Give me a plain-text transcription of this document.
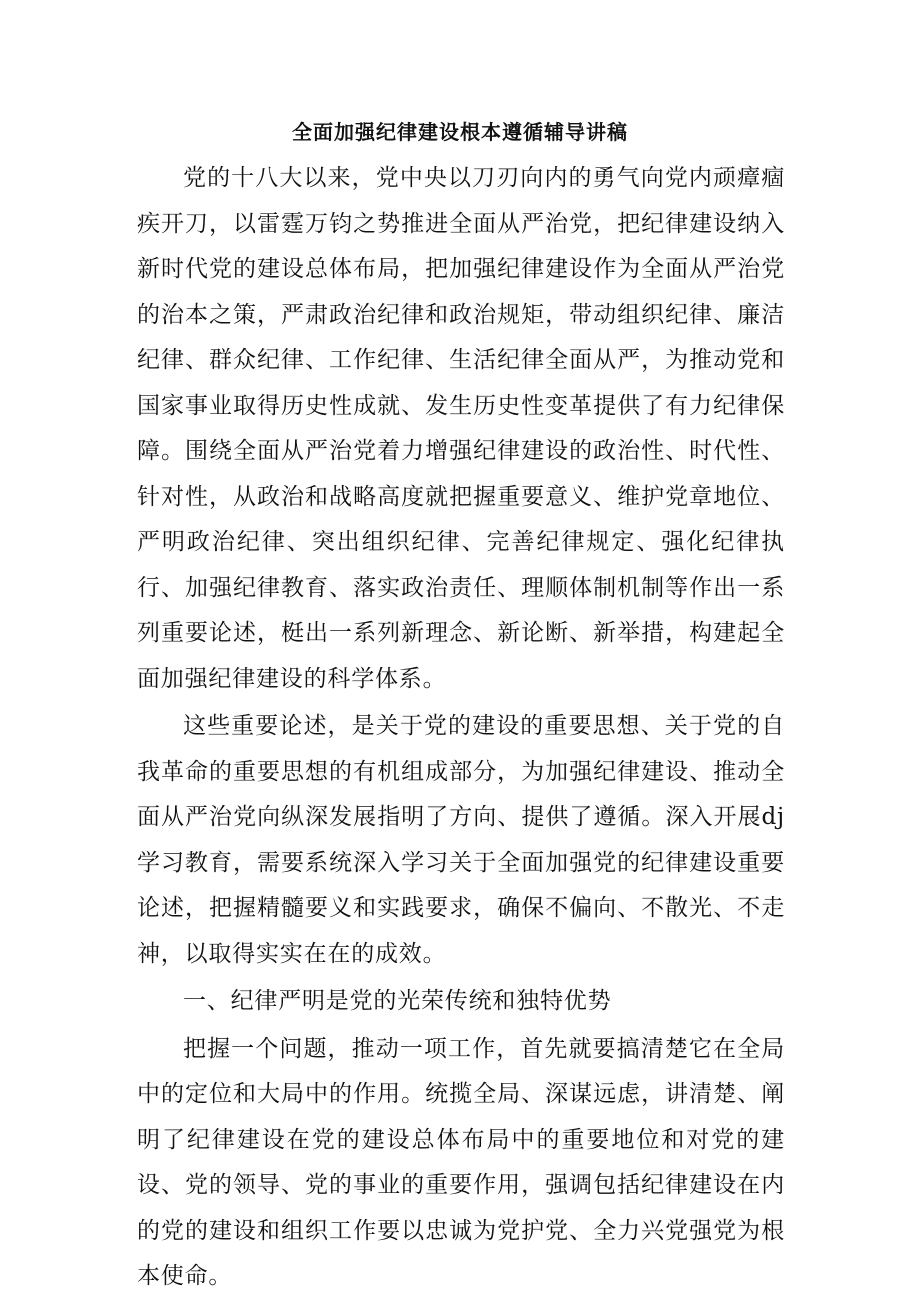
全面加强纪律建设根本遵循辅导讲稿

党的十八大以来，党中央以刀刃向内的勇气向党内顽瘴痼疾开刀，以雷霆万钧之势推进全面从严治党，把纪律建设纳入新时代党的建设总体布局，把加强纪律建设作为全面从严治党的治本之策，严肃政治纪律和政治规矩，带动组织纪律、廉洁纪律、群众纪律、工作纪律、生活纪律全面从严，为推动党和国家事业取得历史性成就、发生历史性变革提供了有力纪律保障。围绕全面从严治党着力增强纪律建设的政治性、时代性、针对性，从政治和战略高度就把握重要意义、维护党章地位、严明政治纪律、突出组织纪律、完善纪律规定、强化纪律执行、加强纪律教育、落实政治责任、理顺体制机制等作出一系列重要论述，梃出一系列新理念、新论断、新举措，构建起全面加强纪律建设的科学体系。

这些重要论述，是关于党的建设的重要思想、关于党的自我革命的重要思想的有机组成部分，为加强纪律建设、推动全面从严治党向纵深发展指明了方向、提供了遵循。深入开展dj学习教育，需要系统深入学习关于全面加强党的纪律建设重要论述，把握精髓要义和实践要求，确保不偏向、不散光、不走神，以取得实实在在的成效。

一、纪律严明是党的光荣传统和独特优势

把握一个问题，推动一项工作，首先就要搞清楚它在全局中的定位和大局中的作用。统揽全局、深谋远虑，讲清楚、阐明了纪律建设在党的建设总体布局中的重要地位和对党的建设、党的领导、党的事业的重要作用，强调包括纪律建设在内的党的建设和组织工作要以忠诚为党护党、全力兴党强党为根本使命。
